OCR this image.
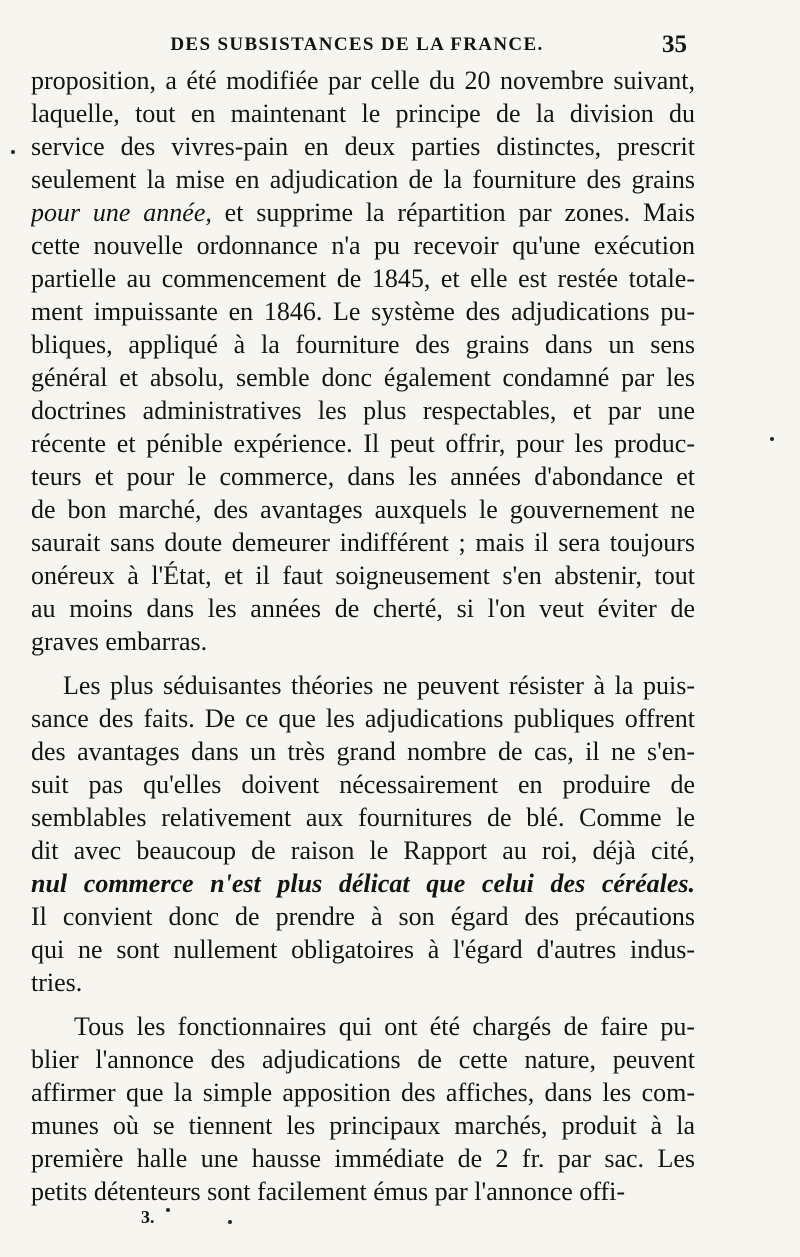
DES SUBSISTANCES DE LA FRANCE.	35
proposition, a été modifiée par celle du 20 novembre suivant,
laquelle, tout en maintenant le principe de la division du
service des vivres-pain en deux parties distinctes, prescrit
seulement la mise en adjudication de la fourniture des grains
pour une année, et supprime la répartition par zones. Mais
cette nouvelle ordonnance n'a pu recevoir qu'une exécution
partielle au commencement de 1845, et elle est restée totale-
ment impuissante en 1846. Le système des adjudications pu-
bliques, appliqué à la fourniture des grains dans un sens
général et absolu, semble donc également condamné par les
doctrines administratives les plus respectables, et par une
récente et pénible expérience. Il peut offrir, pour les produc-
teurs et pour le commerce, dans les années d'abondance et
de bon marché, des avantages auxquels le gouvernement ne
saurait sans doute demeurer indifférent ; mais il sera toujours
onéreux à l'État, et il faut soigneusement s'en abstenir, tout
au moins dans les années de cherté, si l'on veut éviter de
graves embarras.
Les plus séduisantes théories ne peuvent résister à la puis-
sance des faits. De ce que les adjudications publiques offrent
des avantages dans un très grand nombre de cas, il ne s'en-
suit pas qu'elles doivent nécessairement en produire de
semblables relativement aux fournitures de blé. Comme le
dit avec beaucoup de raison le Rapport au roi, déjà cité,
nul commerce n'est plus délicat que celui des céréales.
Il convient donc de prendre à son égard des précautions
qui ne sont nullement obligatoires à l'égard d'autres indus-
tries.
Tous les fonctionnaires qui ont été chargés de faire pu-
blier l'annonce des adjudications de cette nature, peuvent
affirmer que la simple apposition des affiches, dans les com-
munes où se tiennent les principaux marchés, produit à la
première halle une hausse immédiate de 2 fr. par sac. Les
petits détenteurs sont facilement émus par l'annonce offi-
3.
